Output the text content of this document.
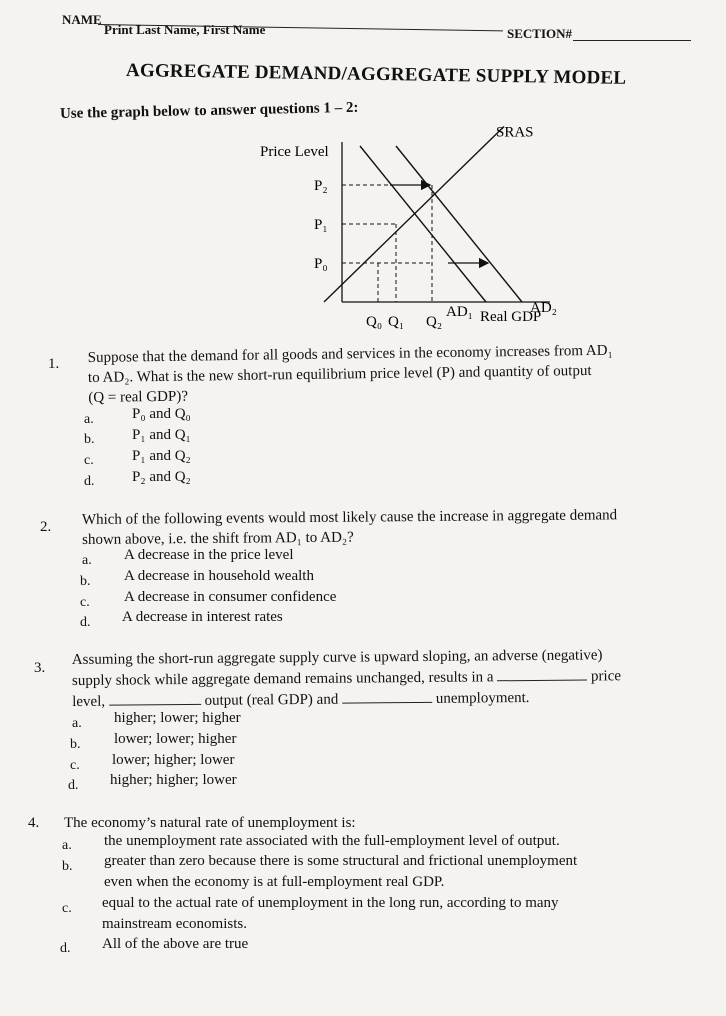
NAME
Print Last Name, First Name	SECTION#
AGGREGATE DEMAND/AGGREGATE SUPPLY MODEL
Use the graph below to answer questions 1 – 2:
Price Level
Real GDP
SRAS
AD₁	AD₂
P₀
P₁
P₂
Q₀ Q₁ Q₂
1. Suppose that the demand for all goods and services in the economy increases from AD₁
to AD₂. What is the new short-run equilibrium price level (P) and quantity of output
(Q = real GDP)?
a.	P₀ and Q₀
b.	P₁ and Q₁
c.	P₁ and Q₂
d.	P₂ and Q₂
2. Which of the following events would most likely cause the increase in aggregate demand
shown above, i.e. the shift from AD₁ to AD₂?
a. A decrease in the price level
b. A decrease in household wealth
c. A decrease in consumer confidence
d. A decrease in interest rates
3. Assuming the short-run aggregate supply curve is upward sloping, an adverse (negative)
supply shock while aggregate demand remains unchanged, results in a	price
level,	output (real GDP) and	unemployment.
a. higher; lower; higher
b. lower; lower; higher
c. lower; higher; lower
d. higher; higher; lower
4. The economy’s natural rate of unemployment is:
a. the unemployment rate associated with the full-employment level of output.
b. greater than zero because there is some structural and frictional unemployment
even when the economy is at full-employment real GDP.
c. equal to the actual rate of unemployment in the long run, according to many
mainstream economists.
d. All of the above are true
